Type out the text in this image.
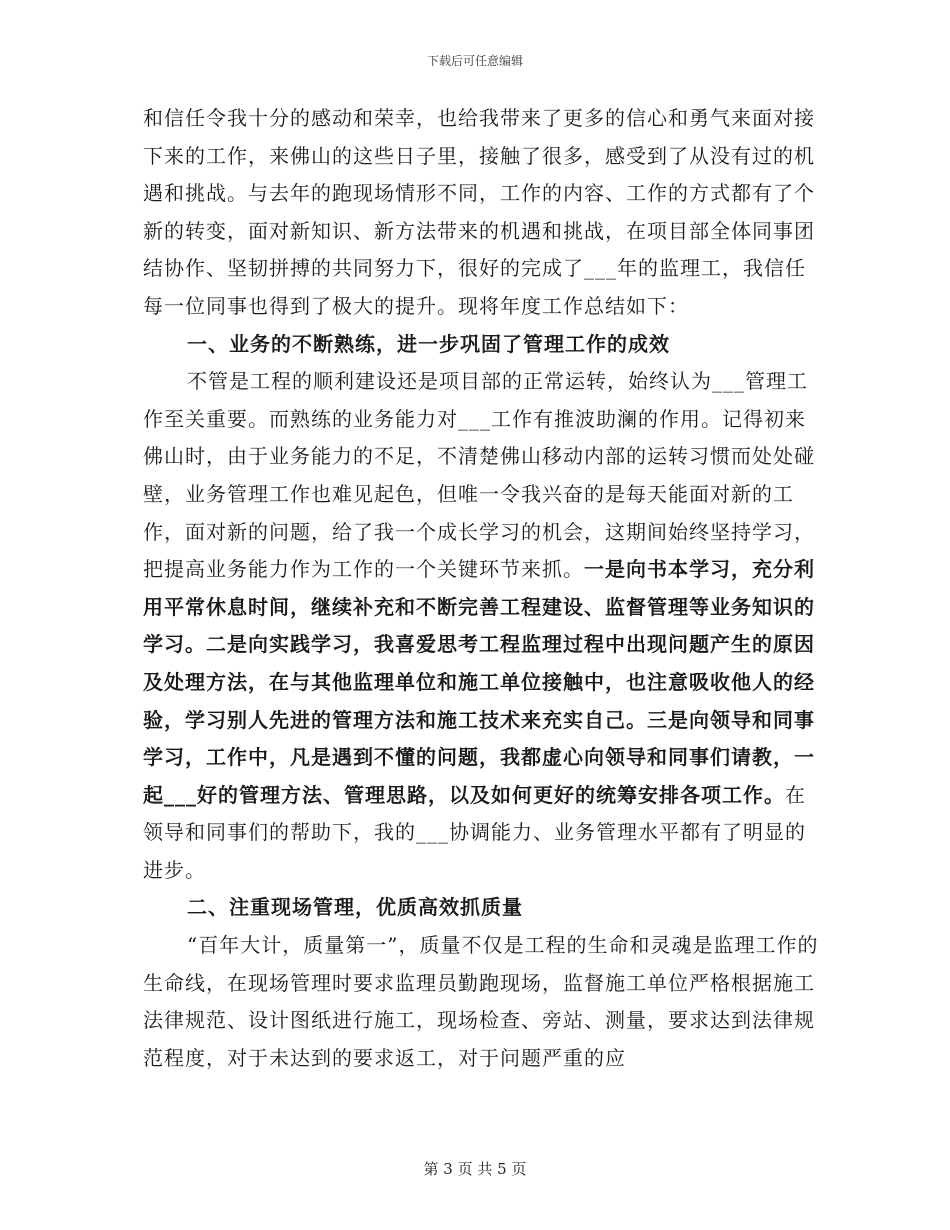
下载后可任意编辑

和信任令我十分的感动和荣幸，也给我带来了更多的信心和勇气来面对接下来的工作，来佛山的这些日子里，接触了很多，感受到了从没有过的机遇和挑战。与去年的跑现场情形不同，工作的内容、工作的方式都有了个新的转变，面对新知识、新方法带来的机遇和挑战，在项目部全体同事团结协作、坚韧拼搏的共同努力下，很好的完成了___年的监理工，我信任每一位同事也得到了极大的提升。现将年度工作总结如下：

一、业务的不断熟练，进一步巩固了管理工作的成效

不管是工程的顺利建设还是项目部的正常运转，始终认为___管理工作至关重要。而熟练的业务能力对___工作有推波助澜的作用。记得初来佛山时，由于业务能力的不足，不清楚佛山移动内部的运转习惯而处处碰壁，业务管理工作也难见起色，但唯一令我兴奋的是每天能面对新的工作，面对新的问题，给了我一个成长学习的机会，这期间始终坚持学习，把提高业务能力作为工作的一个关键环节来抓。一是向书本学习，充分利用平常休息时间，继续补充和不断完善工程建设、监督管理等业务知识的学习。二是向实践学习，我喜爱思考工程监理过程中出现问题产生的原因及处理方法，在与其他监理单位和施工单位接触中，也注意吸收他人的经验，学习别人先进的管理方法和施工技术来充实自己。三是向领导和同事学习，工作中，凡是遇到不懂的问题，我都虚心向领导和同事们请教，一起___好的管理方法、管理思路，以及如何更好的统筹安排各项工作。在领导和同事们的帮助下，我的___协调能力、业务管理水平都有了明显的进步。

二、注重现场管理，优质高效抓质量

“百年大计，质量第一”，质量不仅是工程的生命和灵魂是监理工作的生命线，在现场管理时要求监理员勤跑现场，监督施工单位严格根据施工法律规范、设计图纸进行施工，现场检查、旁站、测量，要求达到法律规范程度，对于未达到的要求返工，对于问题严重的应

第 3 页 共 5 页
